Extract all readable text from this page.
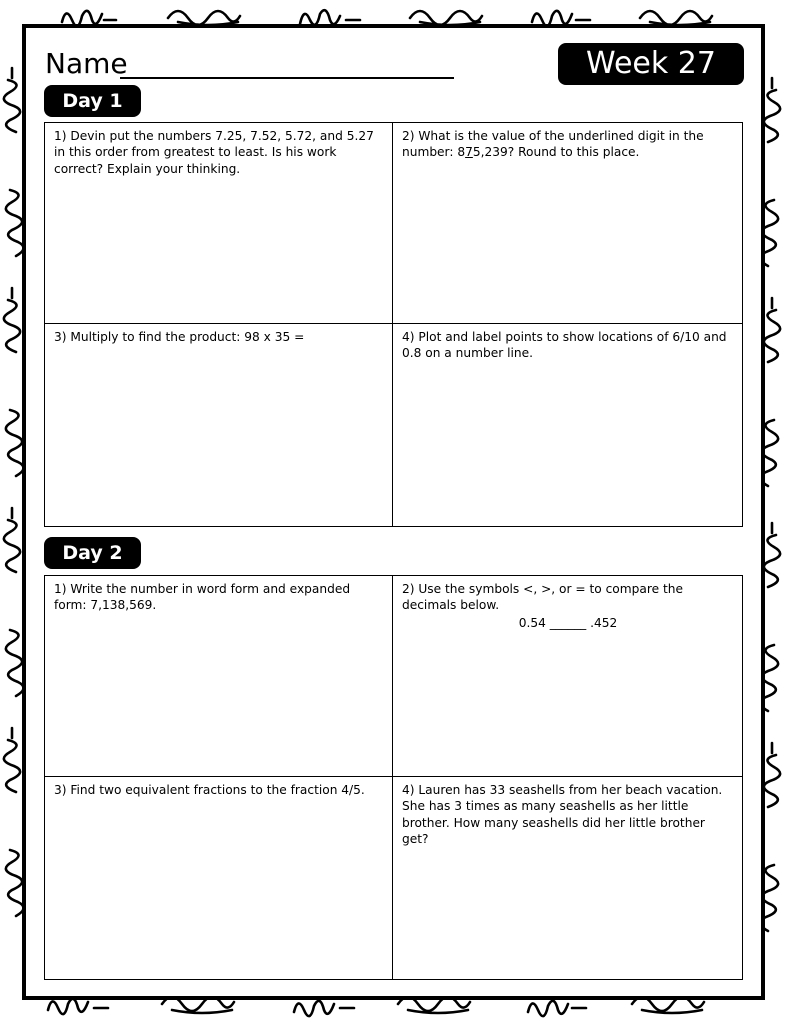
Name	Week 27
Day 1
1) Devin put the numbers 7.25, 7.52, 5.72, and 5.27 in this order from greatest to least. Is his work correct? Explain your thinking.
2) What is the value of the underlined digit in the number: 875,239? Round to this place.
3) Multiply to find the product: 98 x 35 =	4) Plot and label points to show locations of 6/10 and 0.8 on a number line.
Day 2
1) Write the number in word form and expanded form: 7,138,569.
2) Use the symbols <, >, or = to compare the decimals below.
0.54 ______ .452
3) Find two equivalent fractions to the fraction 4/5.	4) Lauren has 33 seashells from her beach vacation. She has 3 times as many seashells as her little brother. How many seashells did her little brother get?
